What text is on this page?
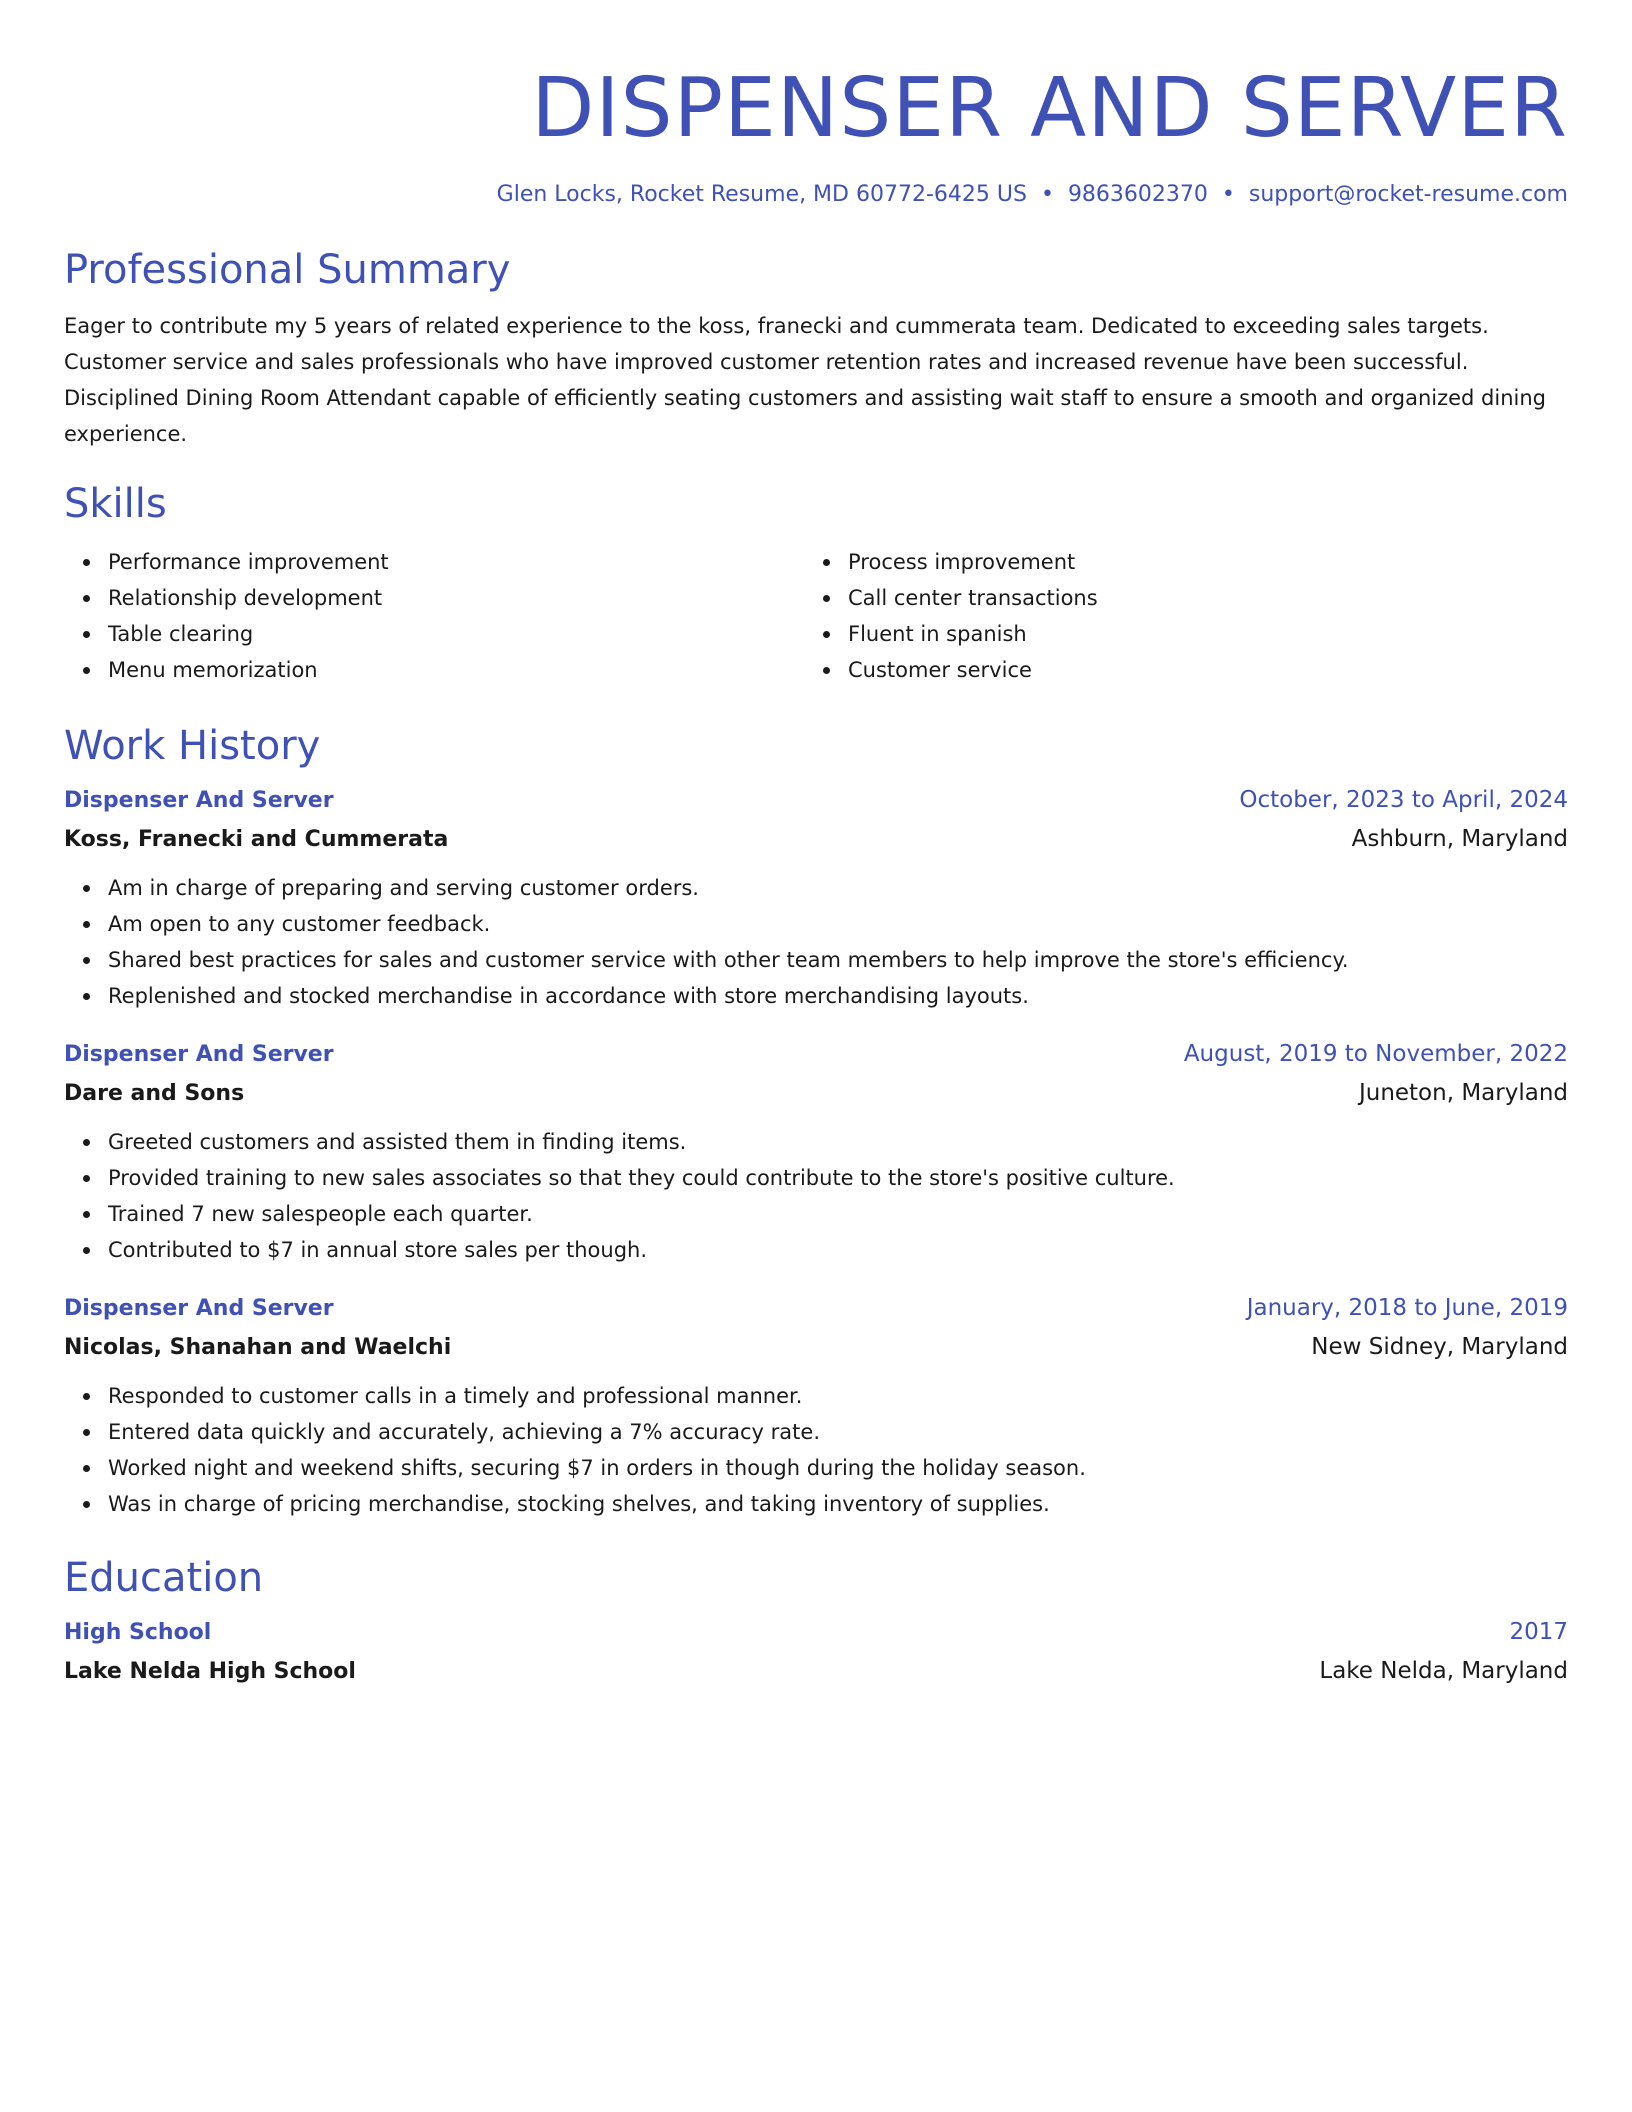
DISPENSER AND SERVER
Glen Locks, Rocket Resume, MD 60772-6425 US • 9863602370 • support@rocket-resume.com
Professional Summary
Eager to contribute my 5 years of related experience to the koss, franecki and cummerata team. Dedicated to exceeding sales targets. Customer service and sales professionals who have improved customer retention rates and increased revenue have been successful. Disciplined Dining Room Attendant capable of efficiently seating customers and assisting wait staff to ensure a smooth and organized dining experience.
Skills
Performance improvement
Relationship development
Table clearing
Menu memorization
Process improvement
Call center transactions
Fluent in spanish
Customer service
Work History
Dispenser And Server	October, 2023 to April, 2024
Koss, Franecki and Cummerata	Ashburn, Maryland
Am in charge of preparing and serving customer orders.
Am open to any customer feedback.
Shared best practices for sales and customer service with other team members to help improve the store's efficiency.
Replenished and stocked merchandise in accordance with store merchandising layouts.
Dispenser And Server	August, 2019 to November, 2022
Dare and Sons	Juneton, Maryland
Greeted customers and assisted them in finding items.
Provided training to new sales associates so that they could contribute to the store's positive culture.
Trained 7 new salespeople each quarter.
Contributed to $7 in annual store sales per though.
Dispenser And Server	January, 2018 to June, 2019
Nicolas, Shanahan and Waelchi	New Sidney, Maryland
Responded to customer calls in a timely and professional manner.
Entered data quickly and accurately, achieving a 7% accuracy rate.
Worked night and weekend shifts, securing $7 in orders in though during the holiday season.
Was in charge of pricing merchandise, stocking shelves, and taking inventory of supplies.
Education
High School	2017
Lake Nelda High School	Lake Nelda, Maryland
